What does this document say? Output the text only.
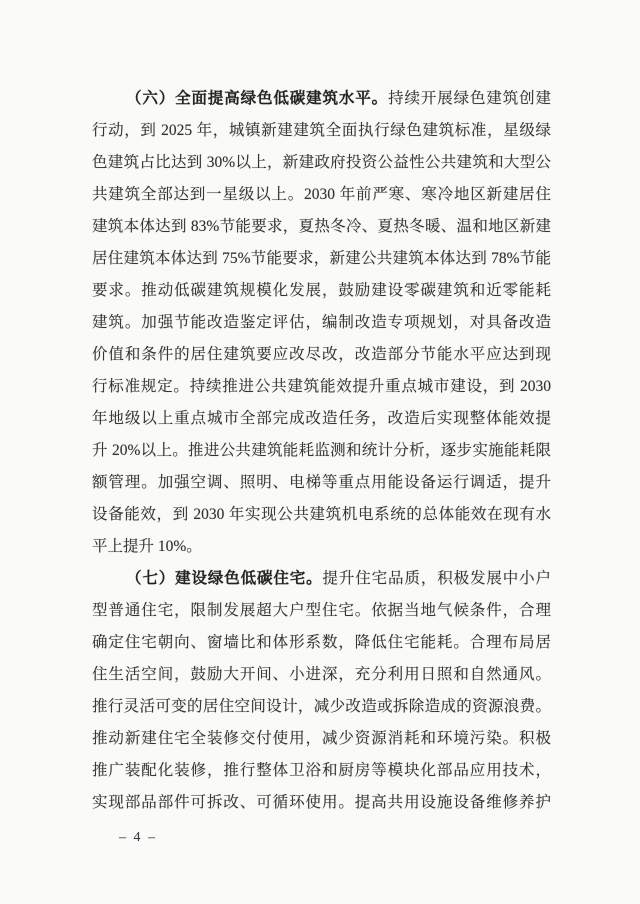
（六）全面提高绿色低碳建筑水平。持续开展绿色建筑创建
行动，到 2025 年，城镇新建建筑全面执行绿色建筑标准，星级绿
色建筑占比达到 30%以上，新建政府投资公益性公共建筑和大型公
共建筑全部达到一星级以上。2030 年前严寒、寒冷地区新建居住
建筑本体达到 83%节能要求，夏热冬冷、夏热冬暖、温和地区新建
居住建筑本体达到 75%节能要求，新建公共建筑本体达到 78%节能
要求。推动低碳建筑规模化发展，鼓励建设零碳建筑和近零能耗
建筑。加强节能改造鉴定评估，编制改造专项规划，对具备改造
价值和条件的居住建筑要应改尽改，改造部分节能水平应达到现
行标准规定。持续推进公共建筑能效提升重点城市建设，到 2030
年地级以上重点城市全部完成改造任务，改造后实现整体能效提
升 20%以上。推进公共建筑能耗监测和统计分析，逐步实施能耗限
额管理。加强空调、照明、电梯等重点用能设备运行调适，提升
设备能效，到 2030 年实现公共建筑机电系统的总体能效在现有水
平上提升 10%。
（七）建设绿色低碳住宅。提升住宅品质，积极发展中小户
型普通住宅，限制发展超大户型住宅。依据当地气候条件，合理
确定住宅朝向、窗墙比和体形系数，降低住宅能耗。合理布局居
住生活空间，鼓励大开间、小进深，充分利用日照和自然通风。
推行灵活可变的居住空间设计，减少改造或拆除造成的资源浪费。
推动新建住宅全装修交付使用，减少资源消耗和环境污染。积极
推广装配化装修，推行整体卫浴和厨房等模块化部品应用技术，
实现部品部件可拆改、可循环使用。提高共用设施设备维修养护
– 4 –
